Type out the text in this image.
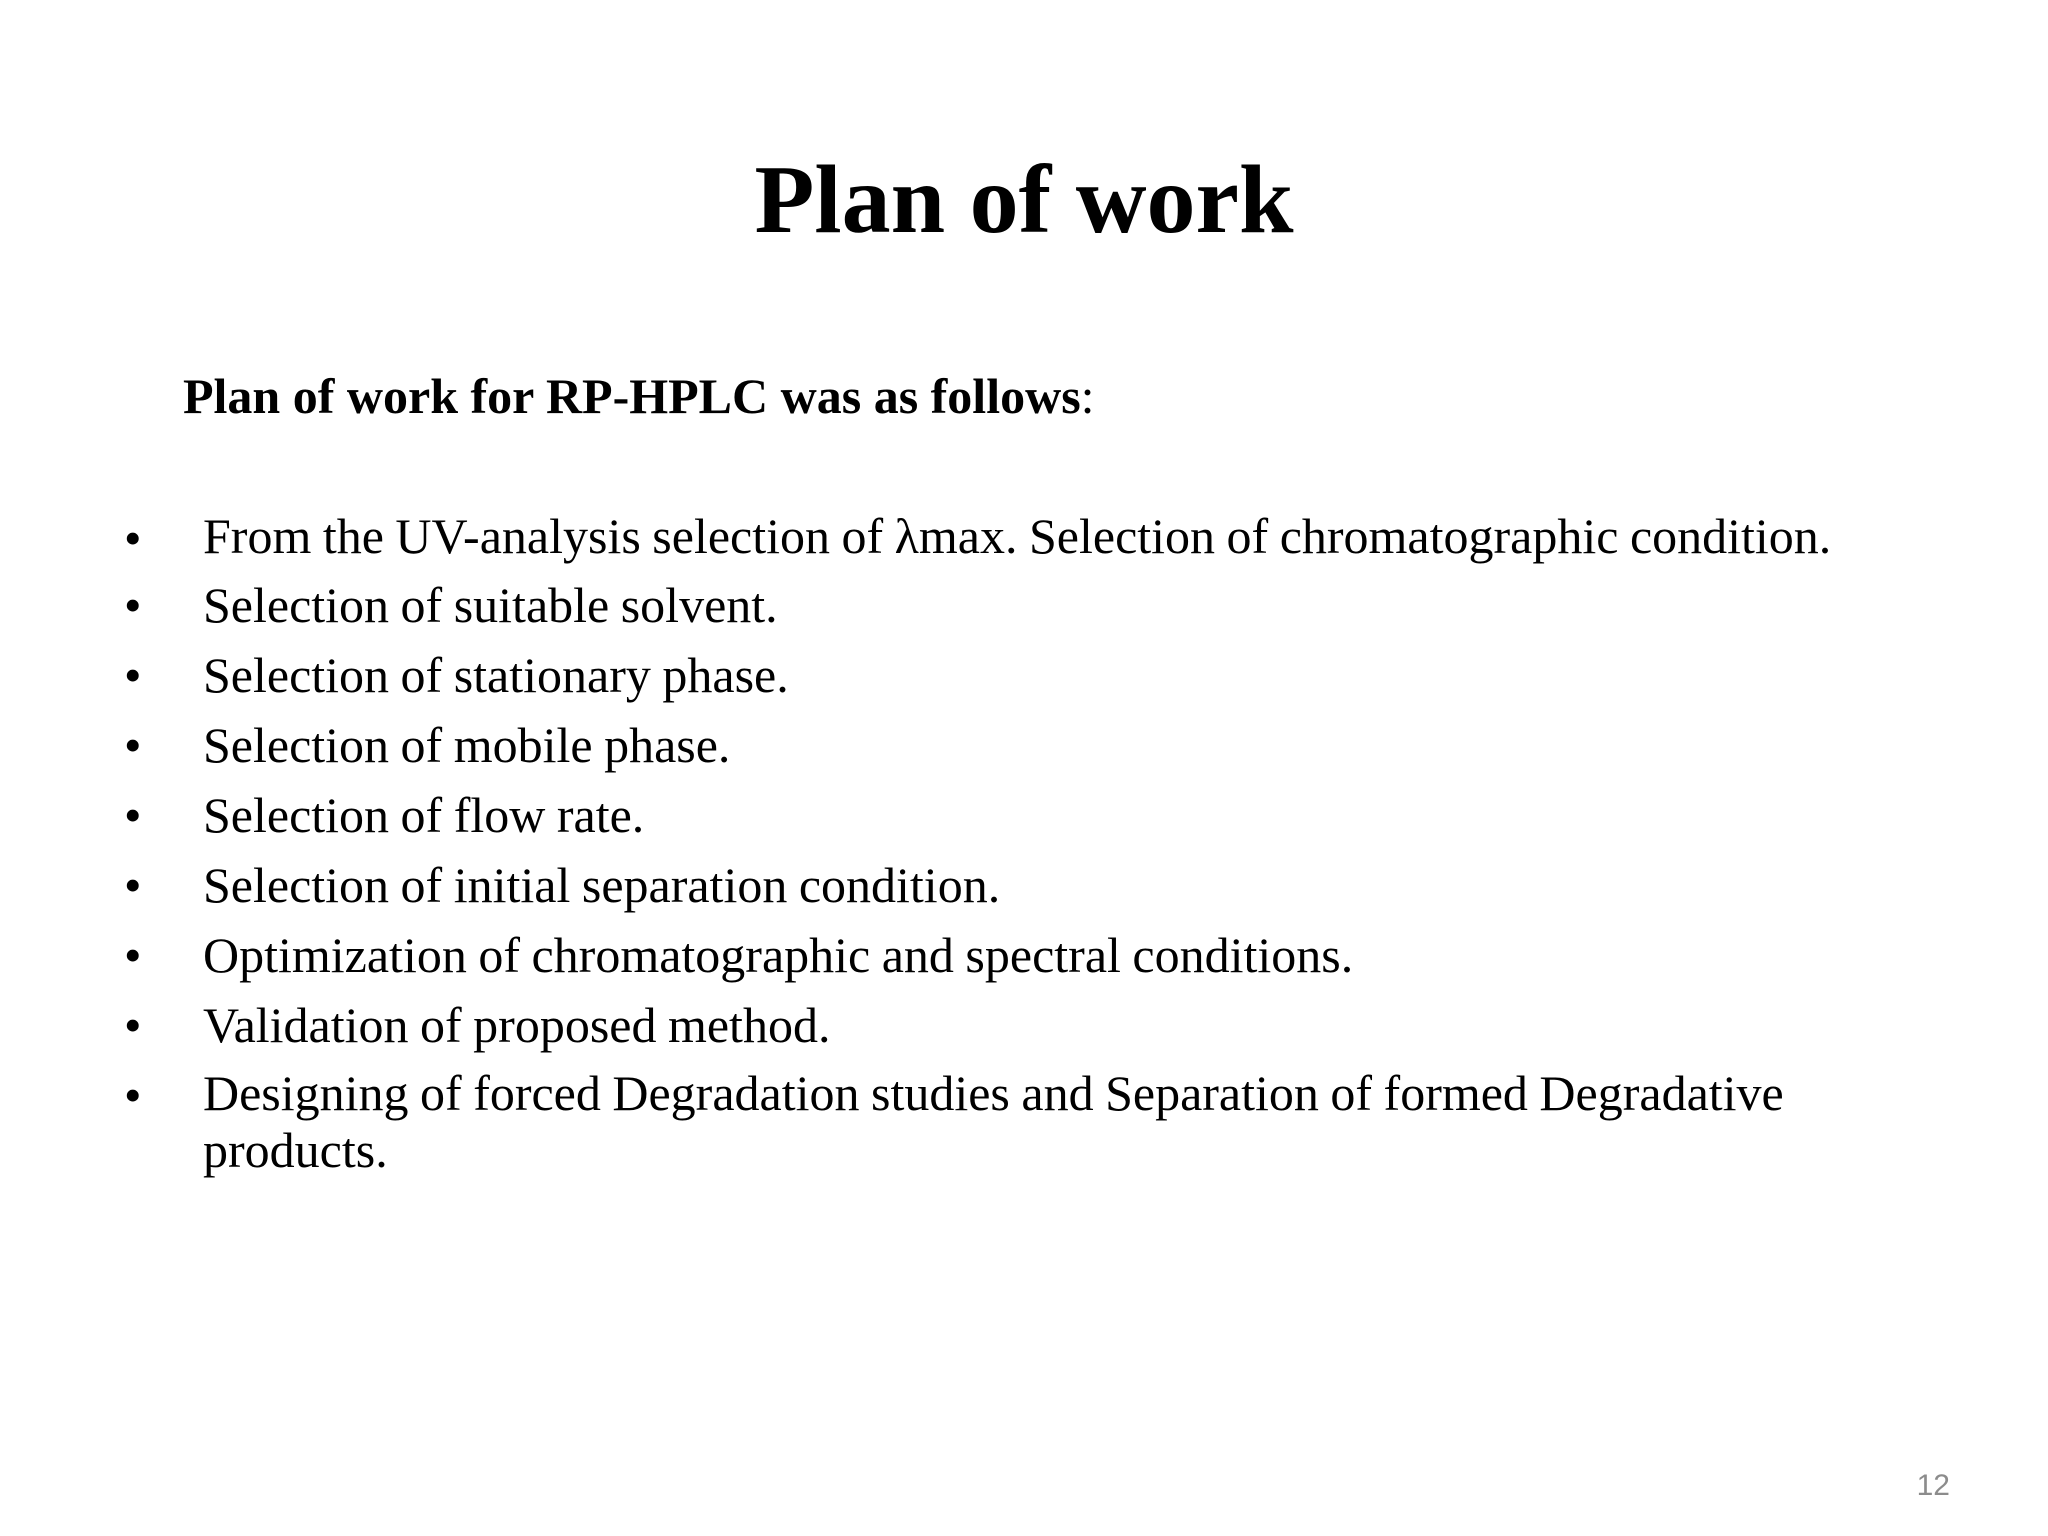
Plan of work

Plan of work for RP-HPLC was as follows:

• From the UV-analysis selection of λmax. Selection of chromatographic condition.
• Selection of suitable solvent.
• Selection of stationary phase.
• Selection of mobile phase.
• Selection of flow rate.
• Selection of initial separation condition.
• Optimization of chromatographic and spectral conditions.
• Validation of proposed method.
• Designing of forced Degradation studies and Separation of formed Degradative products.
12
